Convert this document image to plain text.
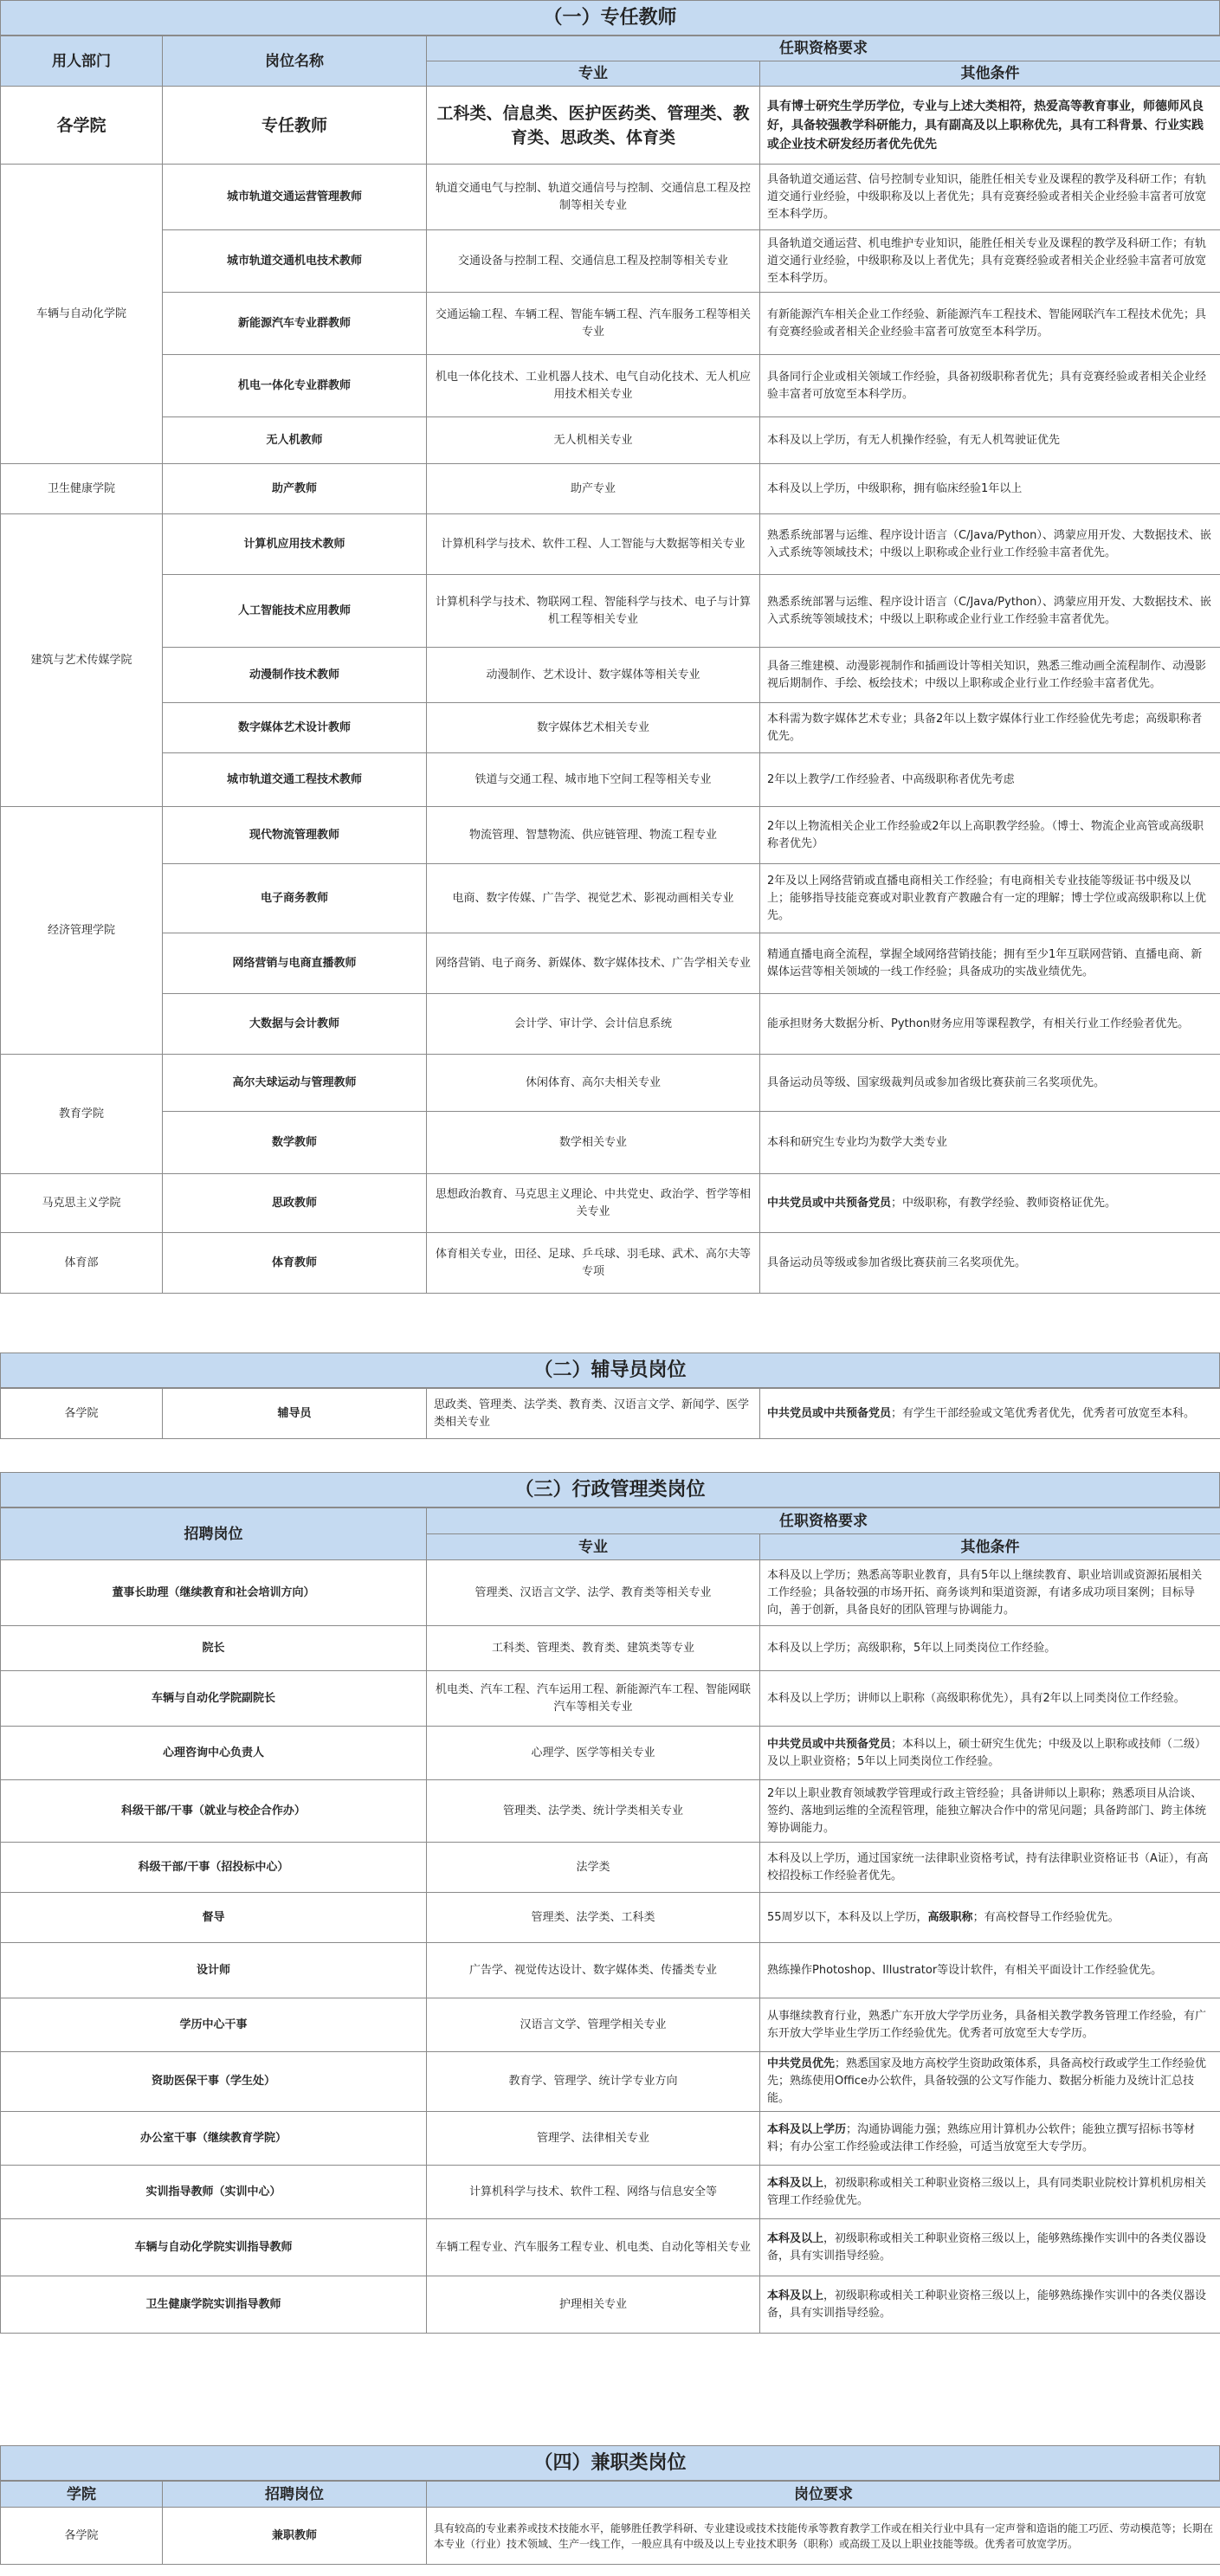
（一）专任教师
用人部门	岗位名称	任职资格要求	
		专业	其他条件
各学院	专任教师	工科类、信息类、医护医药类、管理类、教育类、思政类、体育类	具有博士研究生学历学位，专业与上述大类相符，热爱高等教育事业，师德师风良好，具备较强教学科研能力，具有副高及以上职称优先，具有工科背景、行业实践或企业技术研发经历者优先优先
车辆与自动化学院	城市轨道交通运营管理教师	轨道交通电气与控制、轨道交通信号与控制、交通信息工程及控制等相关专业	具备轨道交通运营、信号控制专业知识，能胜任相关专业及课程的教学及科研工作；有轨道交通行业经验，中级职称及以上者优先；具有竞赛经验或者相关企业经验丰富者可放宽至本科学历。
	城市轨道交通机电技术教师	交通设备与控制工程、交通信息工程及控制等相关专业	具备轨道交通运营、机电维护专业知识，能胜任相关专业及课程的教学及科研工作；有轨道交通行业经验，中级职称及以上者优先；具有竞赛经验或者相关企业经验丰富者可放宽至本科学历。
	新能源汽车专业群教师	交通运输工程、车辆工程、智能车辆工程、汽车服务工程等相关专业	有新能源汽车相关企业工作经验、新能源汽车工程技术、智能网联汽车工程技术优先；具有竞赛经验或者相关企业经验丰富者可放宽至本科学历。
	机电一体化专业群教师	机电一体化技术、工业机器人技术、电气自动化技术、无人机应用技术相关专业	具备同行企业或相关领域工作经验，具备初级职称者优先；具有竞赛经验或者相关企业经验丰富者可放宽至本科学历。
	无人机教师	无人机相关专业	本科及以上学历，有无人机操作经验，有无人机驾驶证优先
卫生健康学院	助产教师	助产专业	本科及以上学历，中级职称，拥有临床经验1年以上
建筑与艺术传媒学院	计算机应用技术教师	计算机科学与技术、软件工程、人工智能与大数据等相关专业	熟悉系统部署与运维、程序设计语言（C/Java/Python）、鸿蒙应用开发、大数据技术、嵌入式系统等领域技术；中级以上职称或企业行业工作经验丰富者优先。
	人工智能技术应用教师	计算机科学与技术、物联网工程、智能科学与技术、电子与计算机工程等相关专业	熟悉系统部署与运维、程序设计语言（C/Java/Python）、鸿蒙应用开发、大数据技术、嵌入式系统等领域技术；中级以上职称或企业行业工作经验丰富者优先。
	动漫制作技术教师	动漫制作、艺术设计、数字媒体等相关专业	具备三维建模、动漫影视制作和插画设计等相关知识，熟悉三维动画全流程制作、动漫影视后期制作、手绘、板绘技术；中级以上职称或企业行业工作经验丰富者优先。
	数字媒体艺术设计教师	数字媒体艺术相关专业	本科需为数字媒体艺术专业；具备2年以上数字媒体行业工作经验优先考虑；高级职称者优先。
	城市轨道交通工程技术教师	铁道与交通工程、城市地下空间工程等相关专业	2年以上教学/工作经验者、中高级职称者优先考虑
经济管理学院	现代物流管理教师	物流管理、智慧物流、供应链管理、物流工程专业	2年以上物流相关企业工作经验或2年以上高职教学经验。（博士、物流企业高管或高级职称者优先）
	电子商务教师	电商、数字传媒、广告学、视觉艺术、影视动画相关专业	2年及以上网络营销或直播电商相关工作经验；有电商相关专业技能等级证书中级及以上；能够指导技能竞赛或对职业教育产教融合有一定的理解；博士学位或高级职称以上优先。
	网络营销与电商直播教师	网络营销、电子商务、新媒体、数字媒体技术、广告学相关专业	精通直播电商全流程，掌握全域网络营销技能；拥有至少1年互联网营销、直播电商、新媒体运营等相关领域的一线工作经验；具备成功的实战业绩优先。
	大数据与会计教师	会计学、审计学、会计信息系统	能承担财务大数据分析、Python财务应用等课程教学，有相关行业工作经验者优先。
教育学院	高尔夫球运动与管理教师	休闲体育、高尔夫相关专业	具备运动员等级、国家级裁判员或参加省级比赛获前三名奖项优先。
	数学教师	数学相关专业	本科和研究生专业均为数学大类专业
马克思主义学院	思政教师	思想政治教育、马克思主义理论、中共党史、政治学、哲学等相关专业	中共党员或中共预备党员；中级职称，有教学经验、教师资格证优先。
体育部	体育教师	体育相关专业，田径、足球、乒乓球、羽毛球、武术、高尔夫等专项	具备运动员等级或参加省级比赛获前三名奖项优先。

（二）辅导员岗位
各学院	辅导员	思政类、管理类、法学类、教育类、汉语言文学、新闻学、医学类相关专业	中共党员或中共预备党员；有学生干部经验或文笔优秀者优先，优秀者可放宽至本科。
（三）行政管理类岗位
招聘岗位	任职资格要求	
	专业	其他条件
董事长助理（继续教育和社会培训方向）	管理类、汉语言文学、法学、教育类等相关专业	本科及以上学历；熟悉高等职业教育，具有5年以上继续教育、职业培训或资源拓展相关工作经验；具备较强的市场开拓、商务谈判和渠道资源，有诸多成功项目案例；目标导向，善于创新，具备良好的团队管理与协调能力。
院长	工科类、管理类、教育类、建筑类等专业	本科及以上学历；高级职称，5年以上同类岗位工作经验。
车辆与自动化学院副院长	机电类、汽车工程、汽车运用工程、新能源汽车工程、智能网联汽车等相关专业	本科及以上学历；讲师以上职称（高级职称优先），具有2年以上同类岗位工作经验。
心理咨询中心负责人	心理学、医学等相关专业	中共党员或中共预备党员；本科以上，硕士研究生优先；中级及以上职称或技师（二级）及以上职业资格；5年以上同类岗位工作经验。
科级干部/干事（就业与校企合作办）	管理类、法学类、统计学类相关专业	2年以上职业教育领域教学管理或行政主管经验；具备讲师以上职称；熟悉项目从洽谈、签约、落地到运维的全流程管理，能独立解决合作中的常见问题；具备跨部门、跨主体统筹协调能力。
科级干部/干事（招投标中心）	法学类	本科及以上学历，通过国家统一法律职业资格考试，持有法律职业资格证书（A证），有高校招投标工作经验者优先。
督导	管理类、法学类、工科类	55周岁以下，本科及以上学历，高级职称；有高校督导工作经验优先。
设计师	广告学、视觉传达设计、数字媒体类、传播类专业	熟练操作Photoshop、Illustrator等设计软件，有相关平面设计工作经验优先。
学历中心干事	汉语言文学、管理学相关专业	从事继续教育行业，熟悉广东开放大学学历业务，具备相关教学教务管理工作经验，有广东开放大学毕业生学历工作经验优先。优秀者可放宽至大专学历。
资助医保干事（学生处）	教育学、管理学、统计学专业方向	中共党员优先；熟悉国家及地方高校学生资助政策体系，具备高校行政或学生工作经验优先；熟练使用Office办公软件，具备较强的公文写作能力、数据分析能力及统计汇总技能。
办公室干事（继续教育学院）	管理学、法律相关专业	本科及以上学历；沟通协调能力强；熟练应用计算机办公软件；能独立撰写招标书等材料；有办公室工作经验或法律工作经验，可适当放宽至大专学历。
实训指导教师（实训中心）	计算机科学与技术、软件工程、网络与信息安全等	本科及以上，初级职称或相关工种职业资格三级以上，具有同类职业院校计算机机房相关管理工作经验优先。
车辆与自动化学院实训指导教师	车辆工程专业、汽车服务工程专业、机电类、自动化等相关专业	本科及以上，初级职称或相关工种职业资格三级以上，能够熟练操作实训中的各类仪器设备，具有实训指导经验。
卫生健康学院实训指导教师	护理相关专业	本科及以上，初级职称或相关工种职业资格三级以上，能够熟练操作实训中的各类仪器设备，具有实训指导经验。
（四）兼职类岗位
学院	招聘岗位	岗位要求
各学院	兼职教师	具有较高的专业素养或技术技能水平，能够胜任教学科研、专业建设或技术技能传承等教育教学工作或在相关行业中具有一定声誉和造诣的能工巧匠、劳动模范等；长期在本专业（行业）技术领域、生产一线工作，一般应具有中级及以上专业技术职务（职称）或高级工及以上职业技能等级。优秀者可放宽学历。
